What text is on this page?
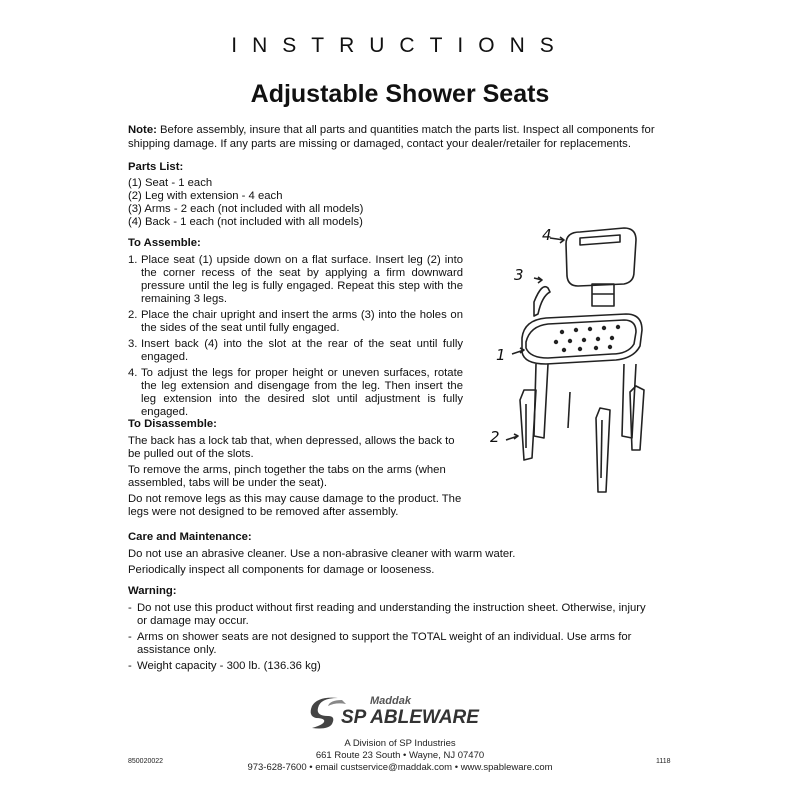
INSTRUCTIONS
Adjustable Shower Seats
Note: Before assembly, insure that all parts and quantities match the parts list. Inspect all components for shipping damage. If any parts are missing or damaged, contact your dealer/retailer for replacements.

Parts List:

(1) Seat - 1 each
(2) Leg with extension - 4 each
(3) Arms - 2 each (not included with all models)
(4) Back - 1 each (not included with all models)

To Assemble:

1. Place seat (1) upside down on a flat surface. Insert leg (2) into the corner recess of the seat by applying a firm downward pressure until the leg is fully engaged. Repeat this step with the remaining 3 legs.
2. Place the chair upright and insert the arms (3) into the holes on the sides of the seat until fully engaged.
3. Insert back (4) into the slot at the rear of the seat until fully engaged.
4. To adjust the legs for proper height or uneven surfaces, rotate the leg extension and disengage from the leg. Then insert the leg extension into the desired slot until adjustment is fully engaged.

To Disassemble:

The back has a lock tab that, when depressed, allows the back to be pulled out of the slots.

To remove the arms, pinch together the tabs on the arms (when assembled, tabs will be under the seat).

Do not remove legs as this may cause damage to the product. The legs were not designed to be removed after assembly.

Care and Maintenance:

Do not use an abrasive cleaner. Use a non-abrasive cleaner with warm water.

Periodically inspect all components for damage or looseness.

Warning:

- Do not use this product without first reading and understanding the instruction sheet. Otherwise, injury or damage may occur.
- Arms on shower seats are not designed to support the TOTAL weight of an individual. Use arms for assistance only.
- Weight capacity - 300 lb. (136.36 kg)
4
3
1
2
Maddak
SP ABLEWARE
A Division of SP Industries
661 Route 23 South • Wayne, NJ 07470
973-628-7600 • email custservice@maddak.com • www.spableware.com
850020022	1118
